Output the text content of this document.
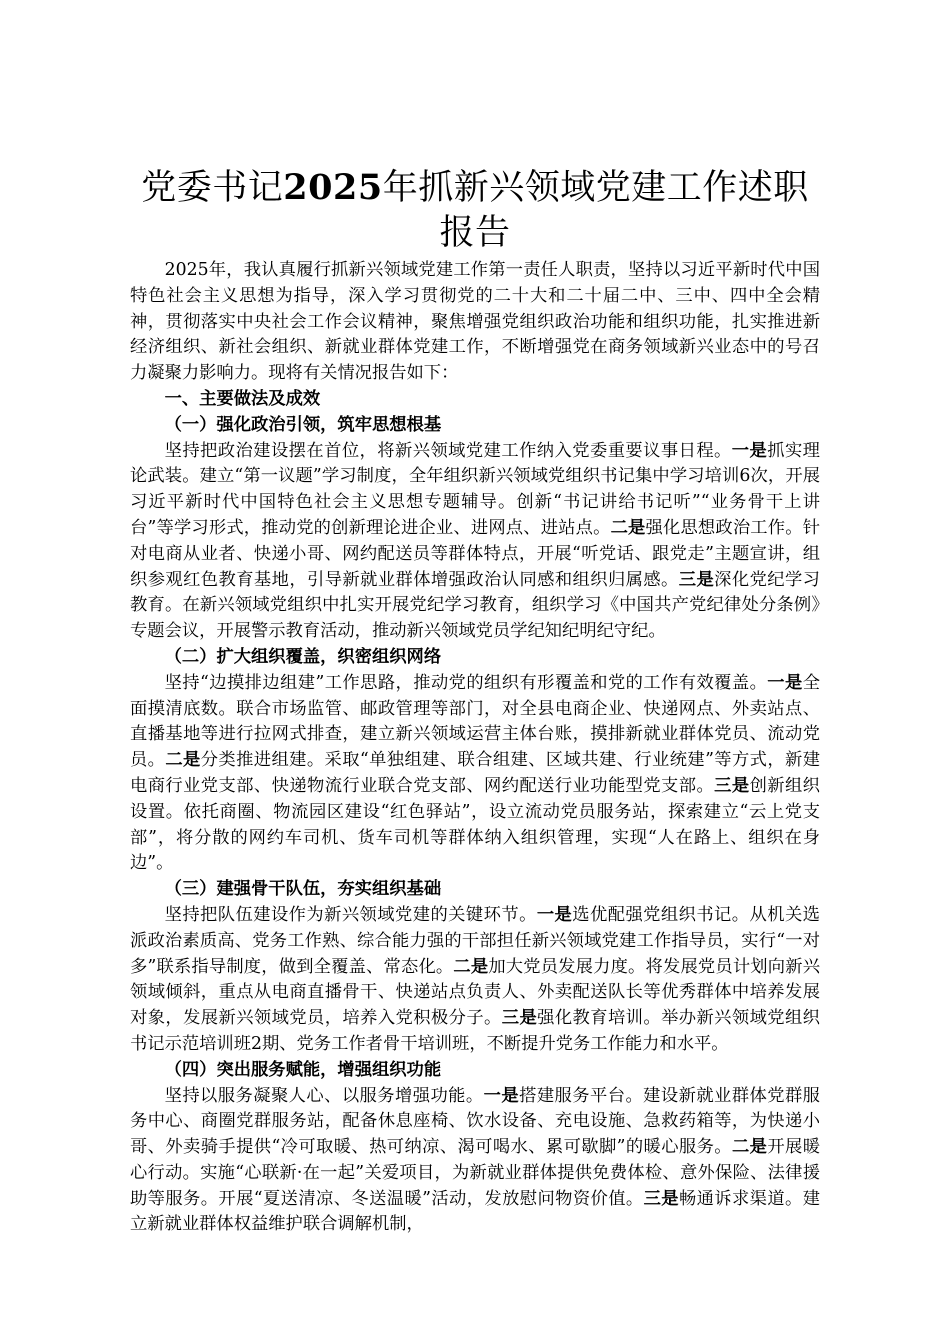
党委书记2025年抓新兴领域党建工作述职报告

2025年，我认真履行抓新兴领域党建工作第一责任人职责，坚持以习近平新时代中国特色社会主义思想为指导，深入学习贯彻党的二十大和二十届二中、三中、四中全会精神，贯彻落实中央社会工作会议精神，聚焦增强党组织政治功能和组织功能，扎实推进新经济组织、新社会组织、新就业群体党建工作，不断增强党在商务领域新兴业态中的号召力凝聚力影响力。现将有关情况报告如下：

一、主要做法及成效
（一）强化政治引领，筑牢思想根基

坚持把政治建设摆在首位，将新兴领域党建工作纳入党委重要议事日程。一是抓实理论武装。建立“第一议题”学习制度，全年组织新兴领域党组织书记集中学习培训6次，开展习近平新时代中国特色社会主义思想专题辅导。创新“书记讲给书记听”“业务骨干上讲台”等学习形式，推动党的创新理论进企业、进网点、进站点。二是强化思想政治工作。针对电商从业者、快递小哥、网约配送员等群体特点，开展“听党话、跟党走”主题宣讲，组织参观红色教育基地，引导新就业群体增强政治认同感和组织归属感。三是深化党纪学习教育。在新兴领域党组织中扎实开展党纪学习教育，组织学习《中国共产党纪律处分条例》专题会议，开展警示教育活动，推动新兴领域党员学纪知纪明纪守纪。

（二）扩大组织覆盖，织密组织网络

坚持“边摸排边组建”工作思路，推动党的组织有形覆盖和党的工作有效覆盖。一是全面摸清底数。联合市场监管、邮政管理等部门，对全县电商企业、快递网点、外卖站点、直播基地等进行拉网式排查，建立新兴领域运营主体台账，摸排新就业群体党员、流动党员。二是分类推进组建。采取“单独组建、联合组建、区域共建、行业统建”等方式，新建电商行业党支部、快递物流行业联合党支部、网约配送行业功能型党支部。三是创新组织设置。依托商圈、物流园区建设“红色驿站”，设立流动党员服务站，探索建立“云上党支部”，将分散的网约车司机、货车司机等群体纳入组织管理，实现“人在路上、组织在身边”。

（三）建强骨干队伍，夯实组织基础

坚持把队伍建设作为新兴领域党建的关键环节。一是选优配强党组织书记。从机关选派政治素质高、党务工作熟、综合能力强的干部担任新兴领域党建工作指导员，实行“一对多”联系指导制度，做到全覆盖、常态化。二是加大党员发展力度。将发展党员计划向新兴领域倾斜，重点从电商直播骨干、快递站点负责人、外卖配送队长等优秀群体中培养发展对象，发展新兴领域党员，培养入党积极分子。三是强化教育培训。举办新兴领域党组织书记示范培训班2期、党务工作者骨干培训班，不断提升党务工作能力和水平。

（四）突出服务赋能，增强组织功能

坚持以服务凝聚人心、以服务增强功能。一是搭建服务平台。建设新就业群体党群服务中心、商圈党群服务站，配备休息座椅、饮水设备、充电设施、急救药箱等，为快递小哥、外卖骑手提供“冷可取暖、热可纳凉、渴可喝水、累可歇脚”的暖心服务。二是开展暖心行动。实施“心联新·在一起”关爱项目，为新就业群体提供免费体检、意外保险、法律援助等服务。开展“夏送清凉、冬送温暖”活动，发放慰问物资价值。三是畅通诉求渠道。建立新就业群体权益维护联合调解机制，
